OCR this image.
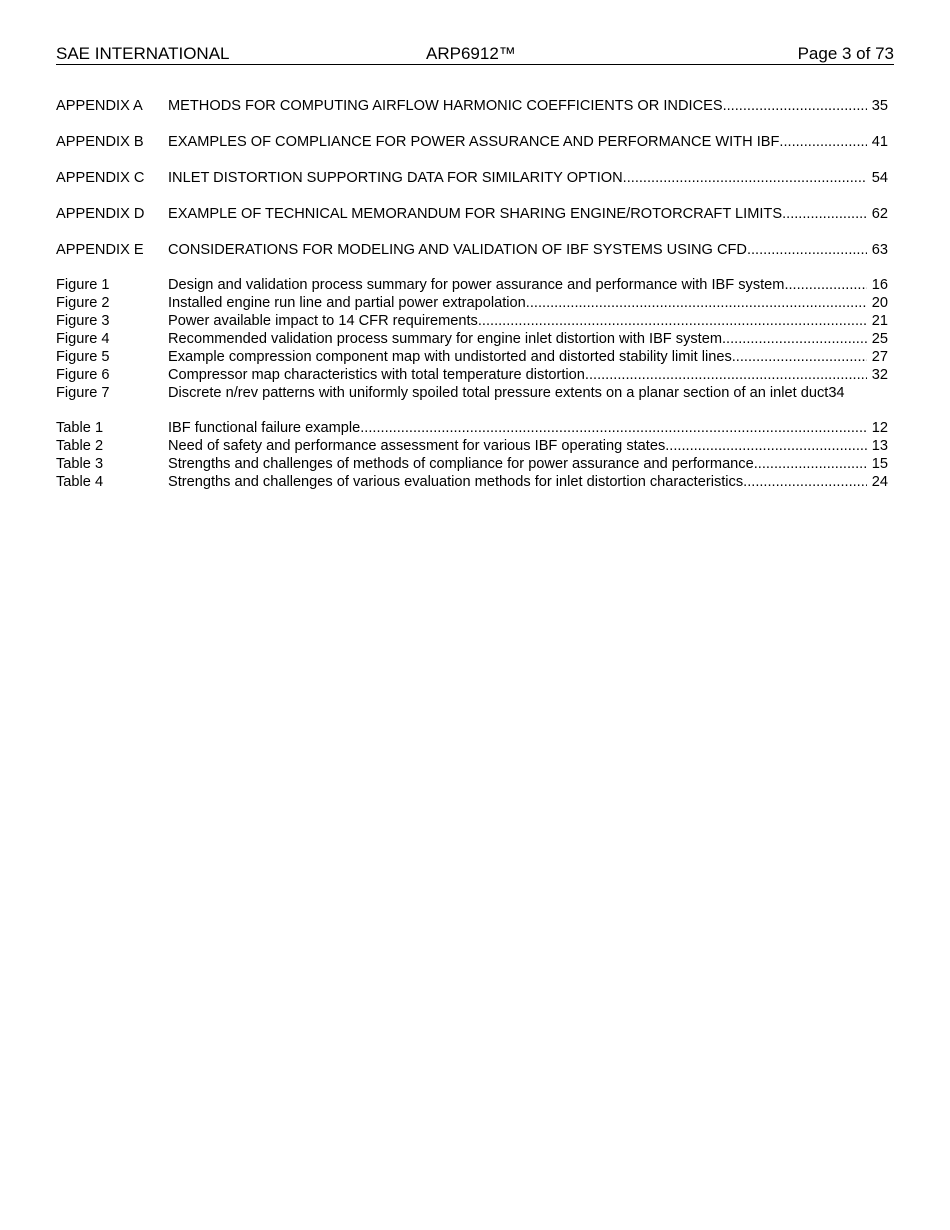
SAE INTERNATIONAL	ARP6912™	Page 3 of 73
APPENDIX A METHODS FOR COMPUTING AIRFLOW HARMONIC COEFFICIENTS OR INDICES .....	35
APPENDIX B EXAMPLES OF COMPLIANCE FOR POWER ASSURANCE AND PERFORMANCE WITH IBF .....	41
APPENDIX C INLET DISTORTION SUPPORTING DATA FOR SIMILARITY OPTION .....	54
APPENDIX D EXAMPLE OF TECHNICAL MEMORANDUM FOR SHARING ENGINE/ROTORCRAFT LIMITS .....	62
APPENDIX E CONSIDERATIONS FOR MODELING AND VALIDATION OF IBF SYSTEMS USING CFD .....	63
Figure 1	Design and validation process summary for power assurance and performance with IBF system .....	16
Figure 2	Installed engine run line and partial power extrapolation .....	20
Figure 3	Power available impact to 14 CFR requirements .....	21
Figure 4	Recommended validation process summary for engine inlet distortion with IBF system .....	25
Figure 5	Example compression component map with undistorted and distorted stability limit lines .....	27
Figure 6	Compressor map characteristics with total temperature distortion .....	32
Figure 7	Discrete n/rev patterns with uniformly spoiled total pressure extents on a planar section of an inlet duct 34
Table 1	IBF functional failure example .....	12
Table 2	Need of safety and performance assessment for various IBF operating states .....	13
Table 3	Strengths and challenges of methods of compliance for power assurance and performance .....	15
Table 4	Strengths and challenges of various evaluation methods for inlet distortion characteristics .....	24
